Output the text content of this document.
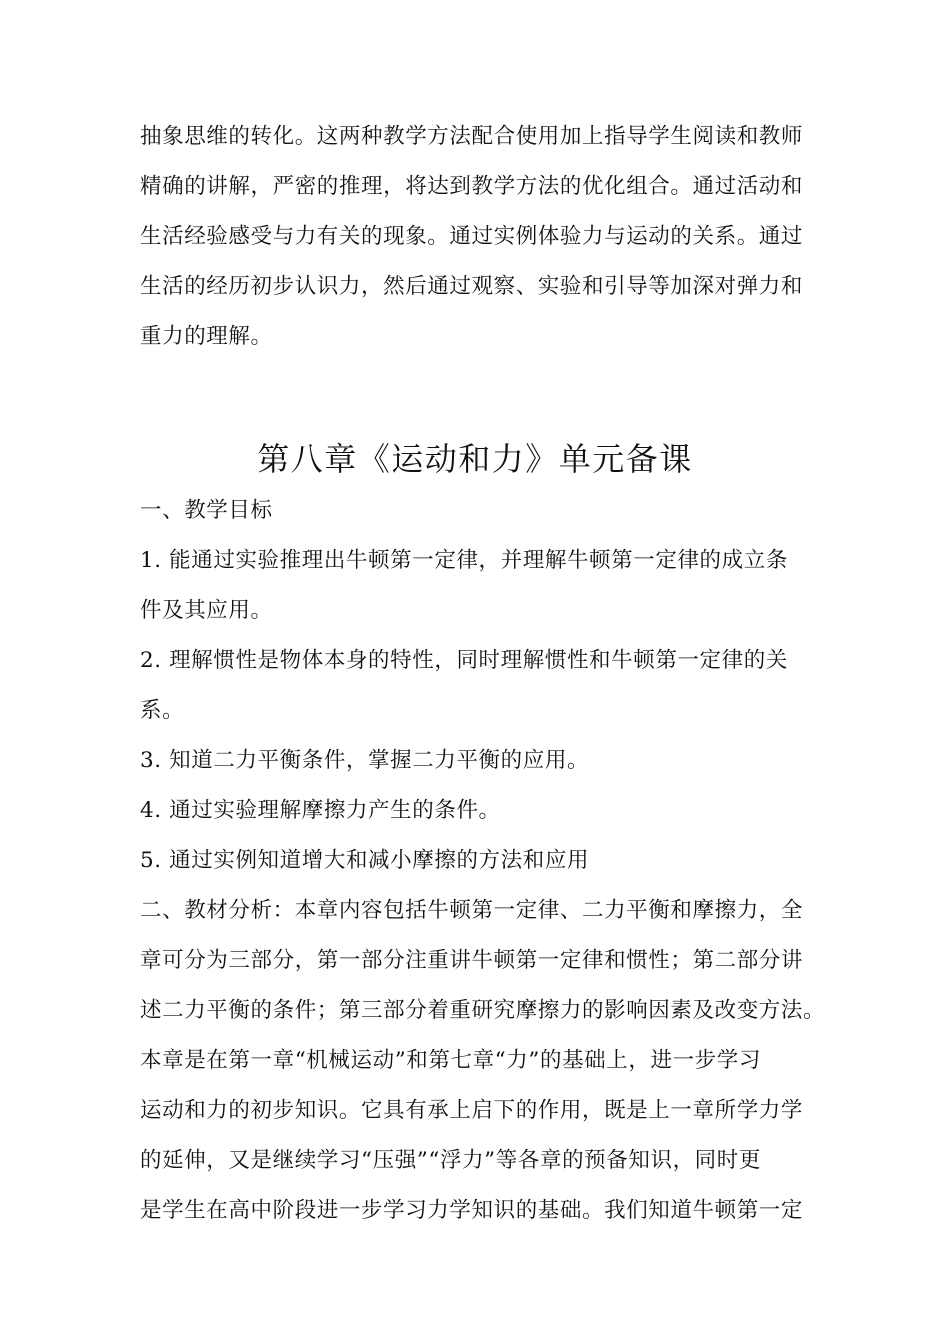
抽象思维的转化。这两种教学方法配合使用加上指导学生阅读和教师
精确的讲解，严密的推理，将达到教学方法的优化组合。通过活动和
生活经验感受与力有关的现象。通过实例体验力与运动的关系。通过
生活的经历初步认识力，然后通过观察、实验和引导等加深对弹力和
重力的理解。
第八章《运动和力》单元备课
一、教学目标
1. 能通过实验推理出牛顿第一定律，并理解牛顿第一定律的成立条
件及其应用。
2. 理解惯性是物体本身的特性，同时理解惯性和牛顿第一定律的关
系。
3. 知道二力平衡条件，掌握二力平衡的应用。
4. 通过实验理解摩擦力产生的条件。
5. 通过实例知道增大和减小摩擦的方法和应用
二、教材分析：本章内容包括牛顿第一定律、二力平衡和摩擦力，全
章可分为三部分，第一部分注重讲牛顿第一定律和惯性；第二部分讲
述二力平衡的条件；第三部分着重研究摩擦力的影响因素及改变方法。
本章是在第一章“机械运动”和第七章“力”的基础上，进一步学习
运动和力的初步知识。它具有承上启下的作用，既是上一章所学力学
的延伸，又是继续学习“压强”“浮力”等各章的预备知识，同时更
是学生在高中阶段进一步学习力学知识的基础。我们知道牛顿第一定
